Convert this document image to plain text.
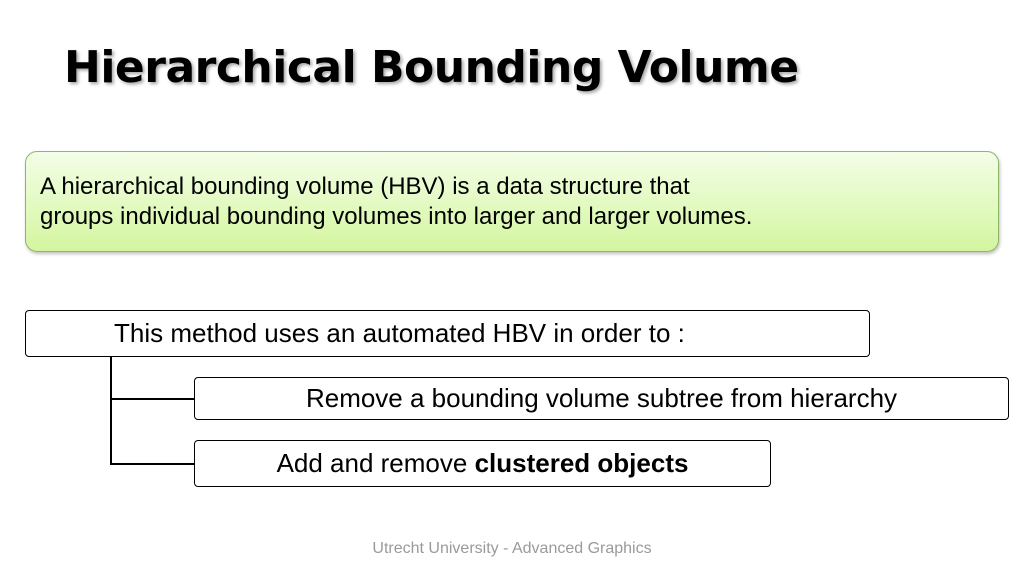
Hierarchical Bounding Volume
A hierarchical bounding volume (HBV) is a data structure that
groups individual bounding volumes into larger and larger volumes.
This method uses an automated HBV in order to :
Remove a bounding volume subtree from hierarchy
Add and remove clustered objects
Utrecht University - Advanced Graphics
